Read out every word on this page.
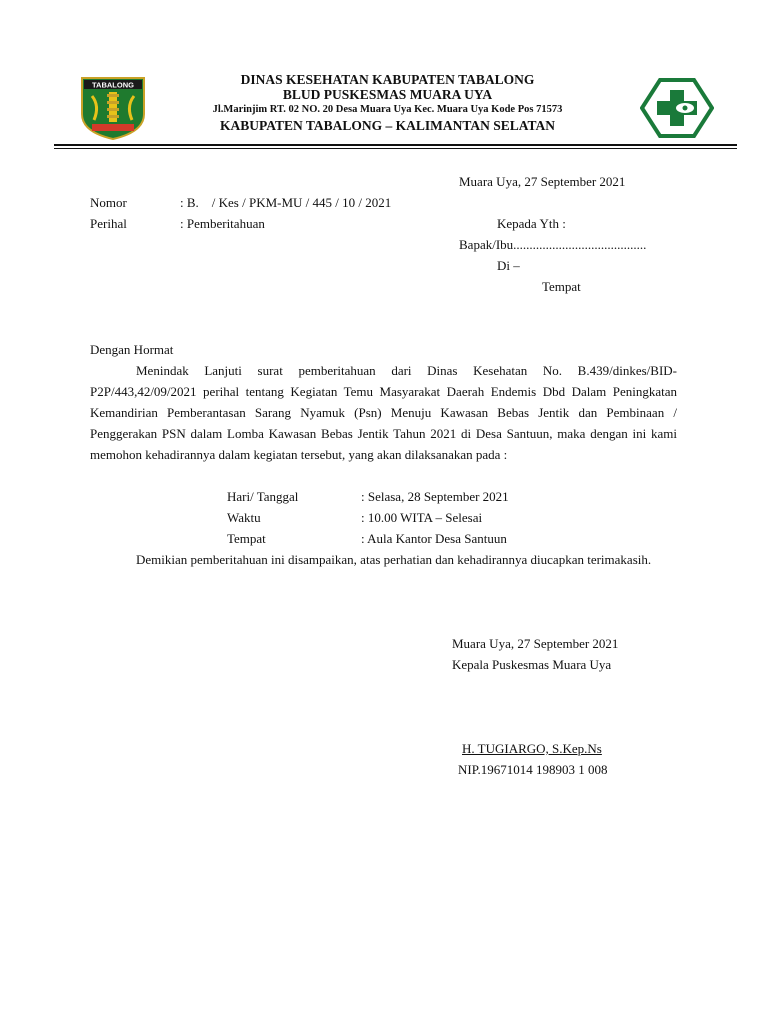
TABALONG	DINAS KESEHATAN KABUPATEN TABALONG
BLUD PUSKESMAS MUARA UYA
Jl.Marinjim RT. 02 NO. 20 Desa Muara Uya Kec. Muara Uya Kode Pos 71573
KABUPATEN TABALONG – KALIMANTAN SELATAN
Muara Uya, 27 September 2021
Nomor	: B.    / Kes / PKM-MU / 445 / 10 / 2021
Perihal	: Pemberitahuan	Kepada Yth :
Bapak/Ibu.........................................
Di –
Tempat
Dengan Hormat
Menindak Lanjuti surat pemberitahuan dari Dinas Kesehatan No. B.439/dinkes/BID-P2P/443,42/09/2021 perihal tentang Kegiatan Temu Masyarakat Daerah Endemis Dbd Dalam Peningkatan Kemandirian Pemberantasan Sarang Nyamuk (Psn) Menuju Kawasan Bebas Jentik dan Pembinaan / Penggerakan PSN dalam Lomba Kawasan Bebas Jentik Tahun 2021 di Desa Santuun, maka dengan ini kami memohon kehadirannya dalam kegiatan tersebut, yang akan dilaksanakan pada :
Hari/ Tanggal	: Selasa, 28 September 2021
Waktu	: 10.00 WITA – Selesai
Tempat	: Aula Kantor Desa Santuun
Demikian pemberitahuan ini disampaikan, atas perhatian dan kehadirannya diucapkan terimakasih.
Muara Uya, 27 September 2021
Kepala Puskesmas Muara Uya
H. TUGIARGO, S.Kep.Ns
NIP.19671014 198903 1 008
